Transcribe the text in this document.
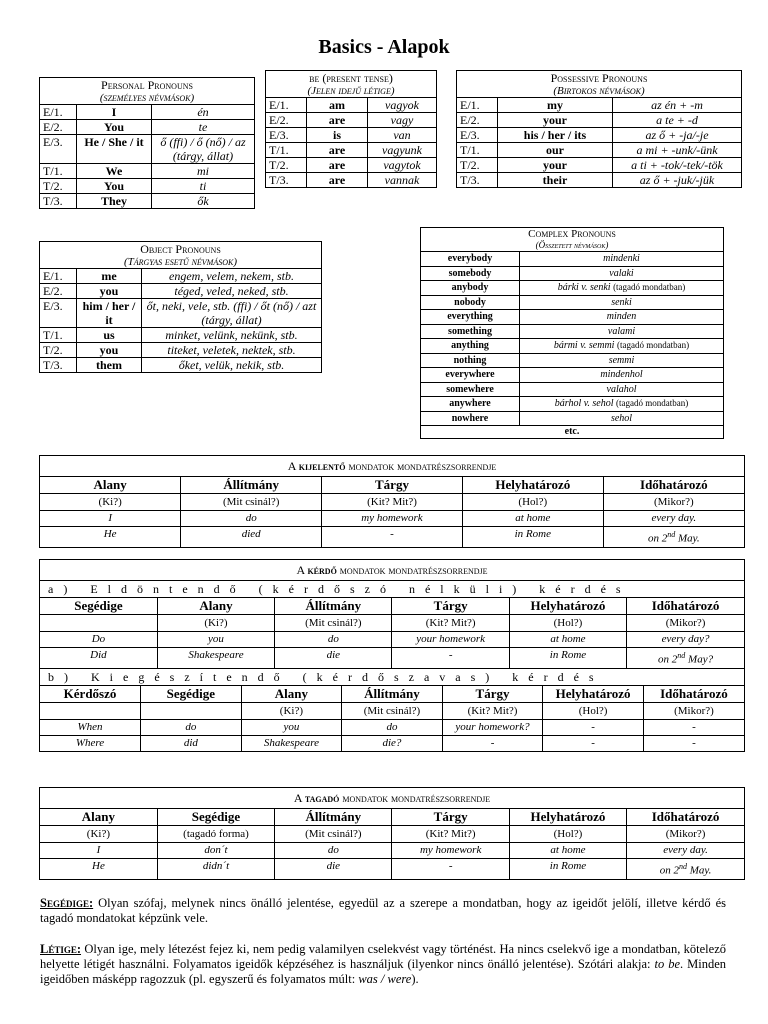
Basics - Alapok
Personal Pronouns
(személyes névmások)
E/1.	I	én
E/2.	You	te
E/3.	He / She / it	ő (ffi) / ő (nő) / az (tárgy, állat)
T/1.	We	mi
T/2.	You	ti
T/3.	They	ők
be (present tense)
(Jelen idejű létige)
E/1.	am	vagyok
E/2.	are	vagy
E/3.	is	van
T/1.	are	vagyunk
T/2.	are	vagytok
T/3.	are	vannak
Possessive Pronouns
(Birtokos névmások)
E/1.	my	az én + -m
E/2.	your	a te + -d
E/3.	his / her / its	az ő + -ja/-je
T/1.	our	a mi + -unk/-ünk
T/2.	your	a ti + -tok/-tek/-tök
T/3.	their	az ő + -juk/-jük
Object Pronouns
(Tárgyas esetű névmások)
E/1.	me	engem, velem, nekem, stb.
E/2.	you	téged, veled, neked, stb.
E/3.	him / her / it	őt, neki, vele, stb. (ffi) / őt (nő) / azt (tárgy, állat)
T/1.	us	minket, velünk, nekünk, stb.
T/2.	you	titeket, veletek, nektek, stb.
T/3.	them	őket, velük, nekik, stb.
Complex Pronouns
(Összetett névmások)
everybody	mindenki
somebody	valaki
anybody	bárki v. senki (tagadó mondatban)
nobody	senki
everything	minden
something	valami
anything	bármi v. semmi (tagadó mondatban)
nothing	semmi
everywhere	mindenhol
somewhere	valahol
anywhere	bárhol v. sehol (tagadó mondatban)
nowhere	sehol
etc.
A kijelentő mondatok mondatrészsorrendje
Alany	Állítmány	Tárgy	Helyhatározó	Időhatározó
(Ki?)	(Mit csinál?)	(Kit? Mit?)	(Hol?)	(Mikor?)
I	do	my homework	at home	every day.
He	died	-	in Rome	on 2nd May.
A kérdő mondatok mondatrészsorrendje
a) Eldöntendő (kérdőszó nélküli) kérdés
Segédige	Alany	Állítmány	Tárgy	Helyhatározó	Időhatározó
	(Ki?)	(Mit csinál?)	(Kit? Mit?)	(Hol?)	(Mikor?)
Do	you	do	your homework	at home	every day?
Did	Shakespeare	die	-	in Rome	on 2nd May?
b) Kiegészítendő (kérdőszavas) kérdés
Kérdőszó	Segédige	Alany	Állítmány	Tárgy	Helyhatározó	Időhatározó
		(Ki?)	(Mit csinál?)	(Kit? Mit?)	(Hol?)	(Mikor?)
When	do	you	do	your homework?	-	-
Where	did	Shakespeare	die?	-	-	-
A tagadó mondatok mondatrészsorrendje
Alany	Segédige	Állítmány	Tárgy	Helyhatározó	Időhatározó
(Ki?)	(tagadó forma)	(Mit csinál?)	(Kit? Mit?)	(Hol?)	(Mikor?)
I	don´t	do	my homework	at home	every day.
He	didn´t	die	-	in Rome	on 2nd May.
Segédige: Olyan szófaj, melynek nincs önálló jelentése, egyedül az a szerepe a mondatban, hogy az igeidőt jelölí, illetve kérdő és tagadó mondatokat képzünk vele.
Létige: Olyan ige, mely létezést fejez ki, nem pedig valamilyen cselekvést vagy történést. Ha nincs cselekvő ige a mondatban, kötelező helyette létigét használni. Folyamatos igeidők képzéséhez is használjuk (ilyenkor nincs önálló jelentése). Szótári alakja: to be. Minden igeidőben másképp ragozzuk (pl. egyszerű és folyamatos múlt: was / were).
